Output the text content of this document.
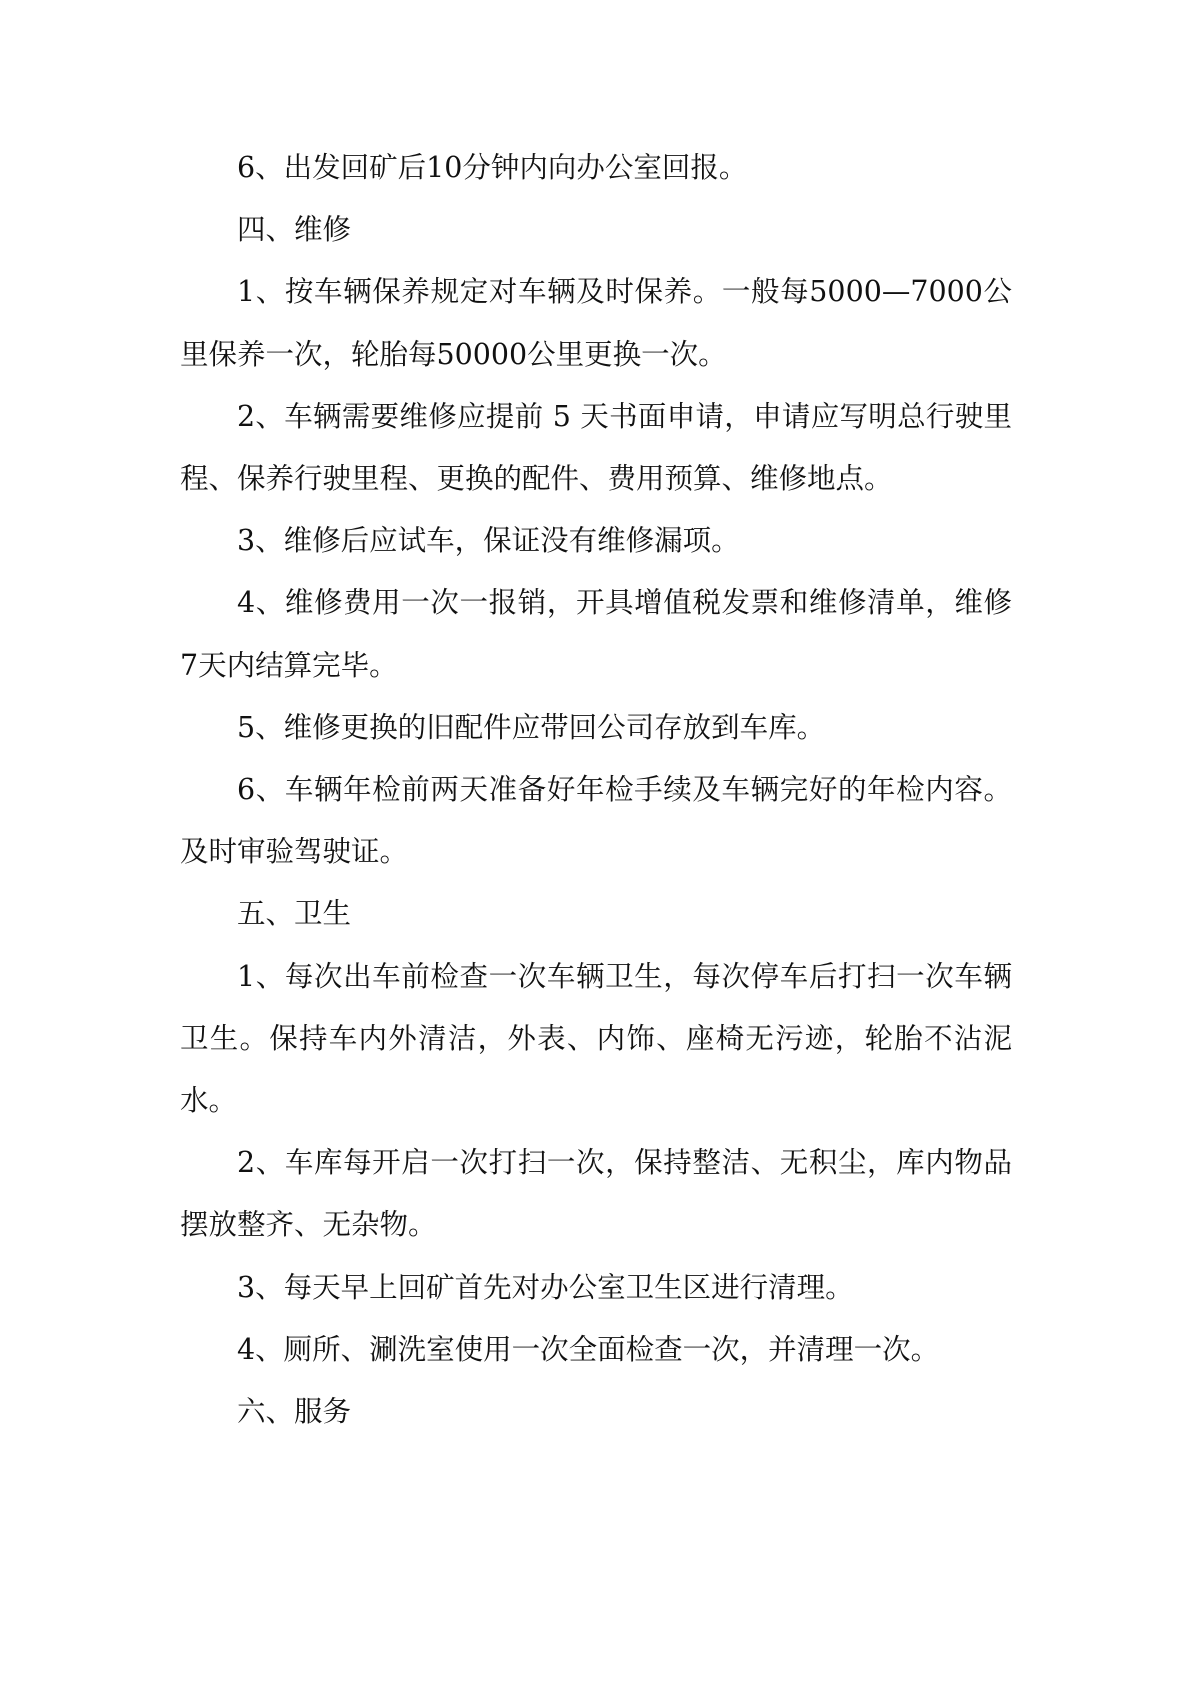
6、出发回矿后10分钟内向办公室回报。

四、维修

1、按车辆保养规定对车辆及时保养。一般每5000—7000公里保养一次，轮胎每50000公里更换一次。

2、车辆需要维修应提前 5 天书面申请，申请应写明总行驶里程、保养行驶里程、更换的配件、费用预算、维修地点。

3、维修后应试车，保证没有维修漏项。

4、维修费用一次一报销，开具增值税发票和维修清单，维修7天内结算完毕。

5、维修更换的旧配件应带回公司存放到车库。

6、车辆年检前两天准备好年检手续及车辆完好的年检内容。及时审验驾驶证。

五、卫生

1、每次出车前检查一次车辆卫生，每次停车后打扫一次车辆卫生。保持车内外清洁，外表、内饰、座椅无污迹，轮胎不沾泥水。

2、车库每开启一次打扫一次，保持整洁、无积尘，库内物品摆放整齐、无杂物。

3、每天早上回矿首先对办公室卫生区进行清理。

4、厕所、涮洗室使用一次全面检查一次，并清理一次。

六、服务
